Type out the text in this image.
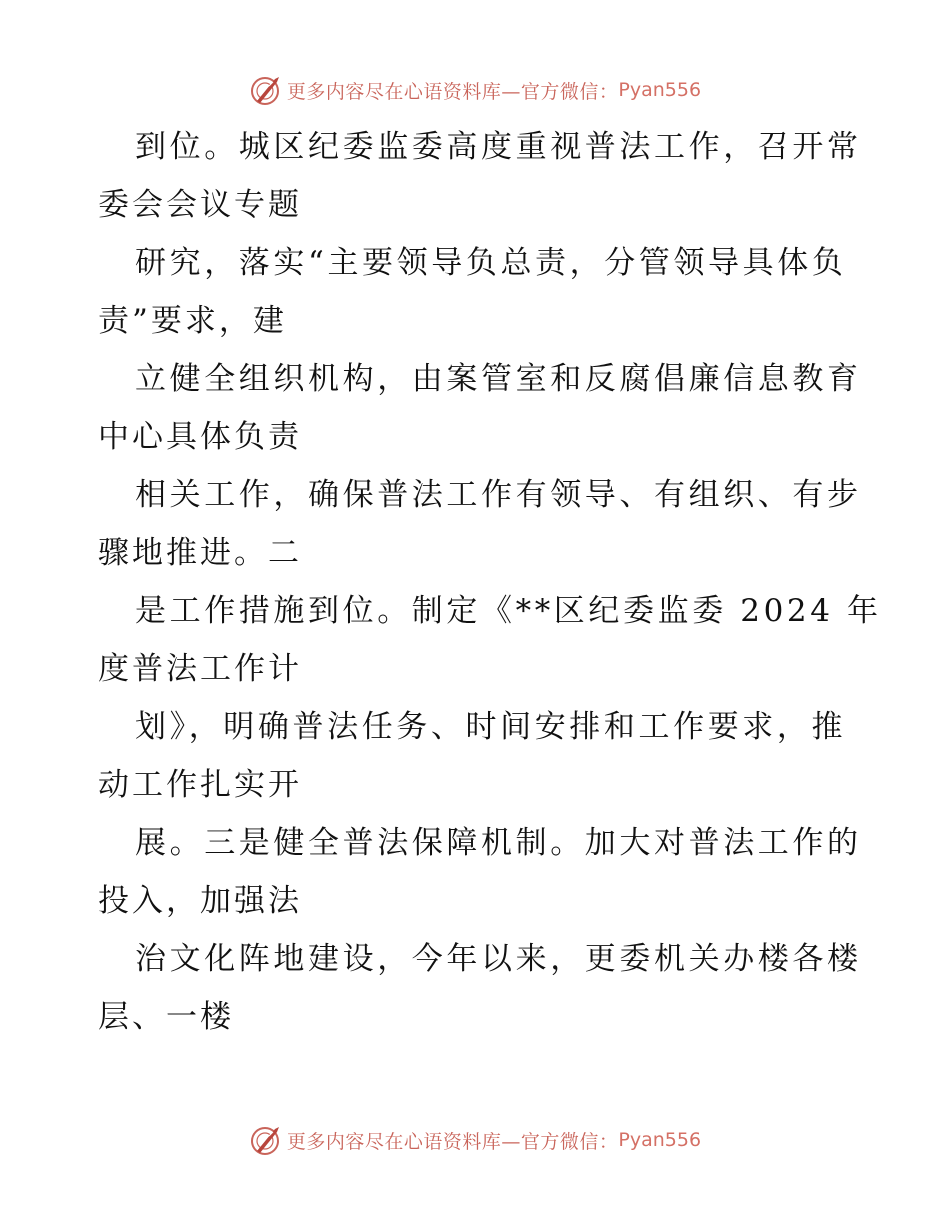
更多内容尽在心语资料库—官方微信： Pyan556
到位。城区纪委监委高度重视普法工作，召开常
委会会议专题
研究，落实“主要领导负总责，分管领导具体负
责”要求，建
立健全组织机构，由案管室和反腐倡廉信息教育
中心具体负责
相关工作，确保普法工作有领导、有组织、有步
骤地推进。二
是工作措施到位。制定《**区纪委监委 2024 年
度普法工作计
划》，明确普法任务、时间安排和工作要求，推
动工作扎实开
展。三是健全普法保障机制。加大对普法工作的
投入，加强法
治文化阵地建设，今年以来，更委机关办楼各楼
层、一楼
更多内容尽在心语资料库—官方微信： Pyan556
